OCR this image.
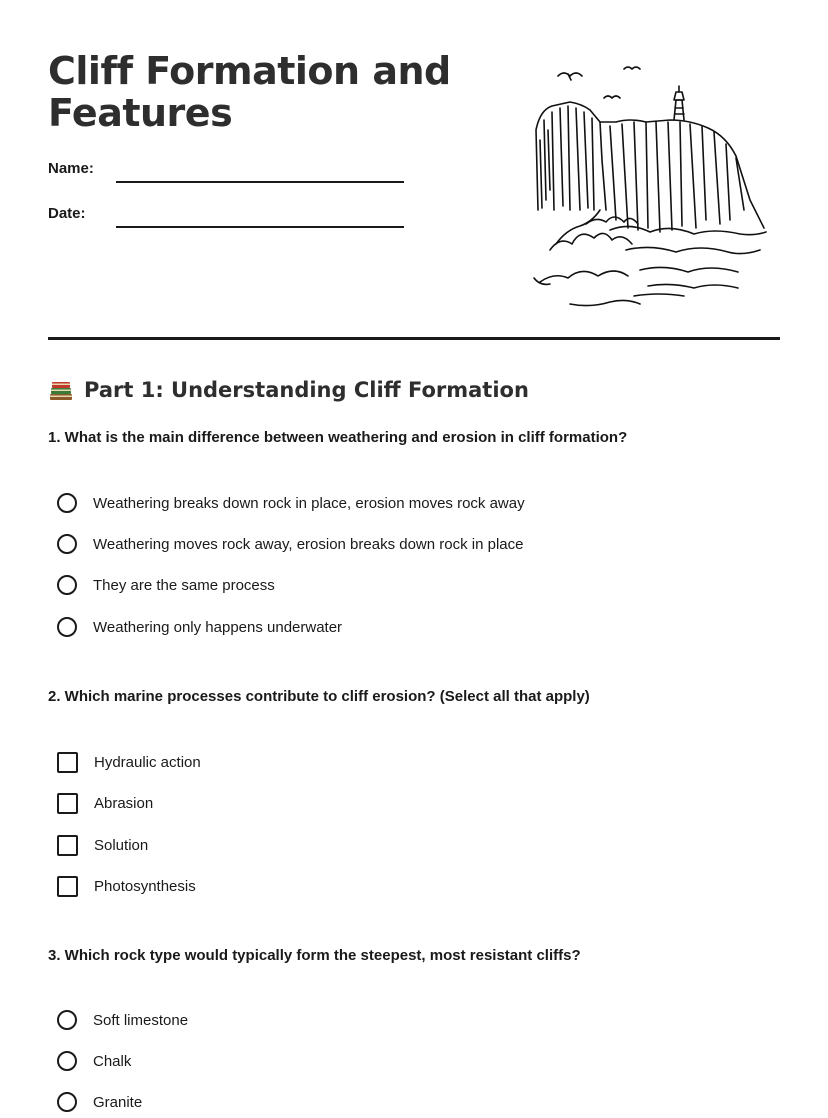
Cliff Formation and
Features
Name:
Date:
Part 1: Understanding Cliff Formation

1. What is the main difference between weathering and erosion in cliff formation?

Weathering breaks down rock in place, erosion moves rock away
Weathering moves rock away, erosion breaks down rock in place
They are the same process
Weathering only happens underwater

2. Which marine processes contribute to cliff erosion? (Select all that apply)

Hydraulic action
Abrasion
Solution
Photosynthesis

3. Which rock type would typically form the steepest, most resistant cliffs?

Soft limestone
Chalk
Granite
